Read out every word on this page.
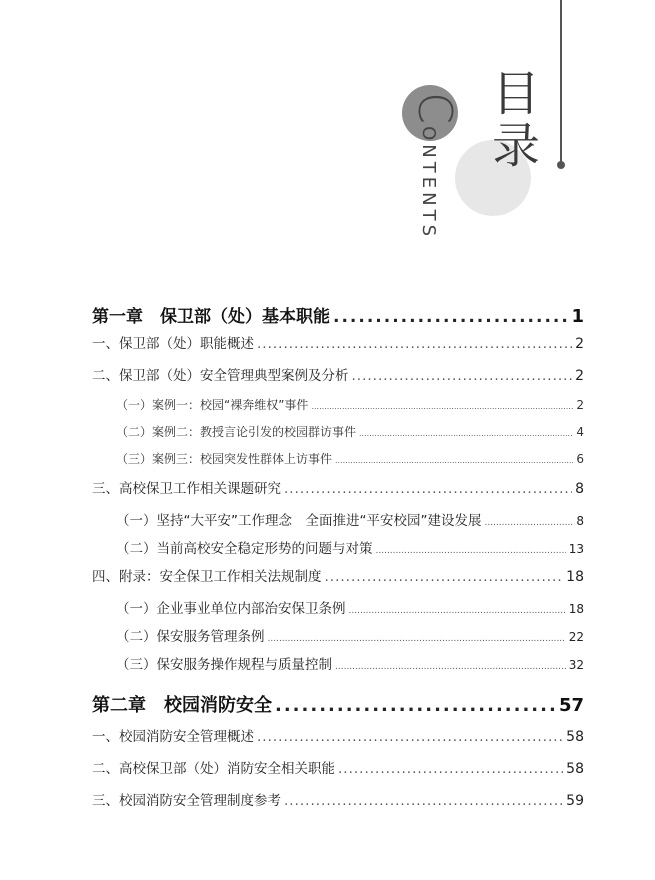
目录
CONTENTS
第一章　保卫部（处）基本职能 .....	1
一、保卫部（处）职能概述 .....	2
二、保卫部（处）安全管理典型案例及分析 .....	2
（一）案例一：校园“裸奔维权”事件 .....	2
（二）案例二：教授言论引发的校园群访事件 .....	4
（三）案例三：校园突发性群体上访事件 .....	6
三、高校保卫工作相关课题研究 .....	8
（一）坚持“大平安”工作理念　全面推进“平安校园”建设发展 .....	8
（二）当前高校安全稳定形势的问题与对策 .....	13
四、附录：安全保卫工作相关法规制度 .....	18
（一）企业事业单位内部治安保卫条例 .....	18
（二）保安服务管理条例 .....	22
（三）保安服务操作规程与质量控制 .....	32
第二章　校园消防安全 .....	57
一、校园消防安全管理概述 .....	58
二、高校保卫部（处）消防安全相关职能 .....	58
三、校园消防安全管理制度参考 .....	59
